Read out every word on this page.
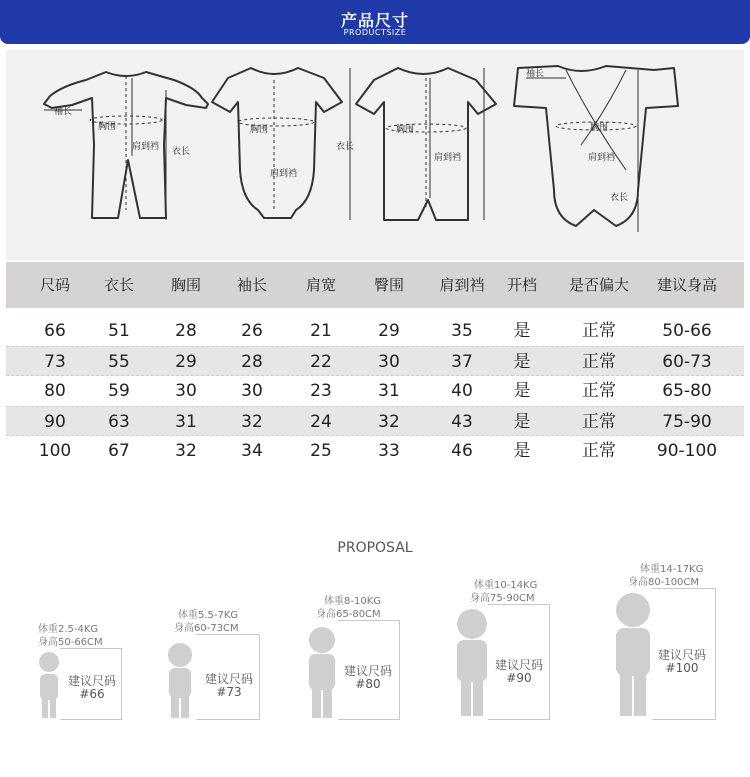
产品尺寸
PRODUCTSIZE
袖长
胸围
肩到裆 衣长
胸围
肩到裆
胸围
肩到裆
衣长
袖长
胸围
肩到裆
衣长
尺码	衣长	胸围	袖长	肩宽	臀围	肩到裆	开档	是否偏大	建议身高
66	51	28	26	21	29	35	是	正常	50-66
73	55	29	28	22	30	37	是	正常	60-73
80	59	30	30	23	31	40	是	正常	65-80
90	63	31	32	24	32	43	是	正常	75-90
100	67	32	34	25	33	46	是	正常	90-100
PROPOSAL
体重2.5-4KG
身高50-66CM
建议尺码
#66
体重5.5-7KG
身高60-73CM
建议尺码
#73
体重8-10KG
身高65-80CM
建议尺码
#80
体重10-14KG
身高75-90CM
建议尺码
#90
体重14-17KG
身高80-100CM
建议尺码
#100
